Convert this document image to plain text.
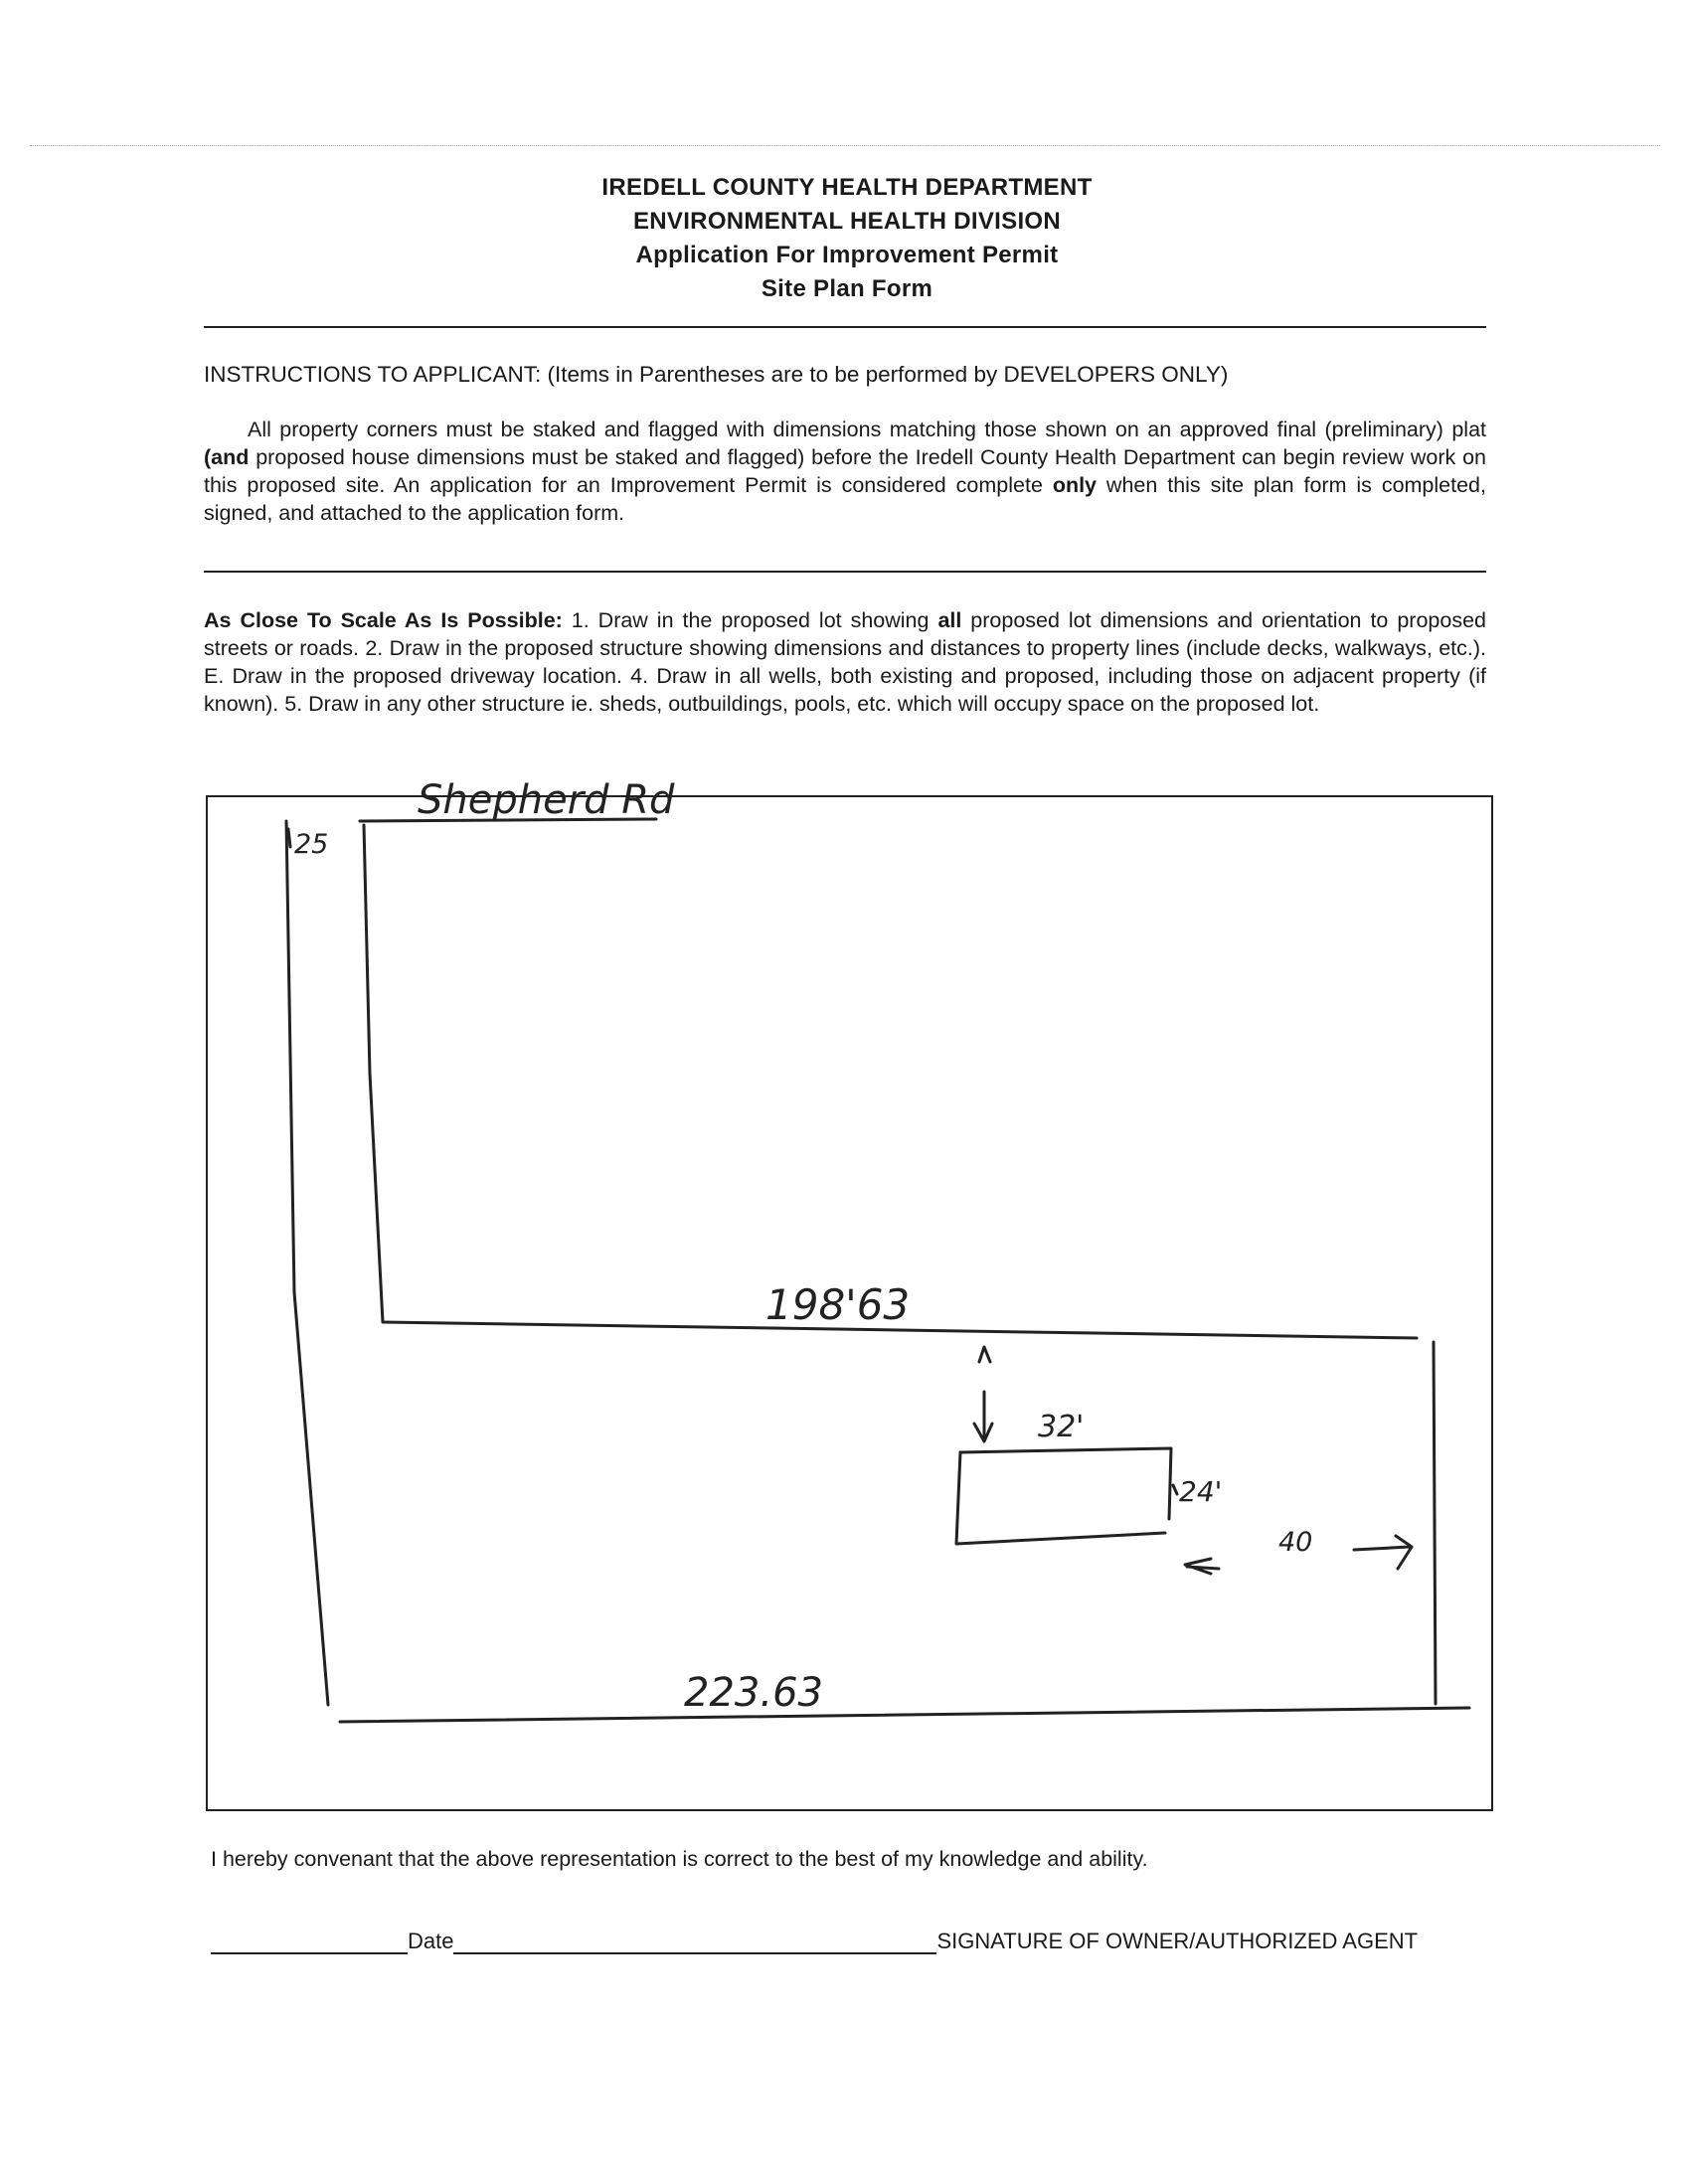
IREDELL COUNTY HEALTH DEPARTMENT
ENVIRONMENTAL HEALTH DIVISION
Application For Improvement Permit
Site Plan Form
INSTRUCTIONS TO APPLICANT: (Items in Parentheses are to be performed by DEVELOPERS ONLY)
All property corners must be staked and flagged with dimensions matching those shown on an approved final (preliminary) plat (and proposed house dimensions must be staked and flagged) before the Iredell County Health Department can begin review work on this proposed site. An application for an Improvement Permit is considered complete only when this site plan form is completed, signed, and attached to the application form.
As Close To Scale As Is Possible: 1. Draw in the proposed lot showing all proposed lot dimensions and orientation to proposed streets or roads. 2. Draw in the proposed structure showing dimensions and distances to property lines (include decks, walkways, etc.). E. Draw in the proposed driveway location. 4. Draw in all wells, both existing and proposed, including those on adjacent property (if known). 5. Draw in any other structure ie. sheds, outbuildings, pools, etc. which will occupy space on the proposed lot.
Shepherd Rd
25
198'63
32'
24'
40
223.63
I hereby convenant that the above representation is correct to the best of my knowledge and ability.
Date	SIGNATURE OF OWNER/AUTHORIZED AGENT
